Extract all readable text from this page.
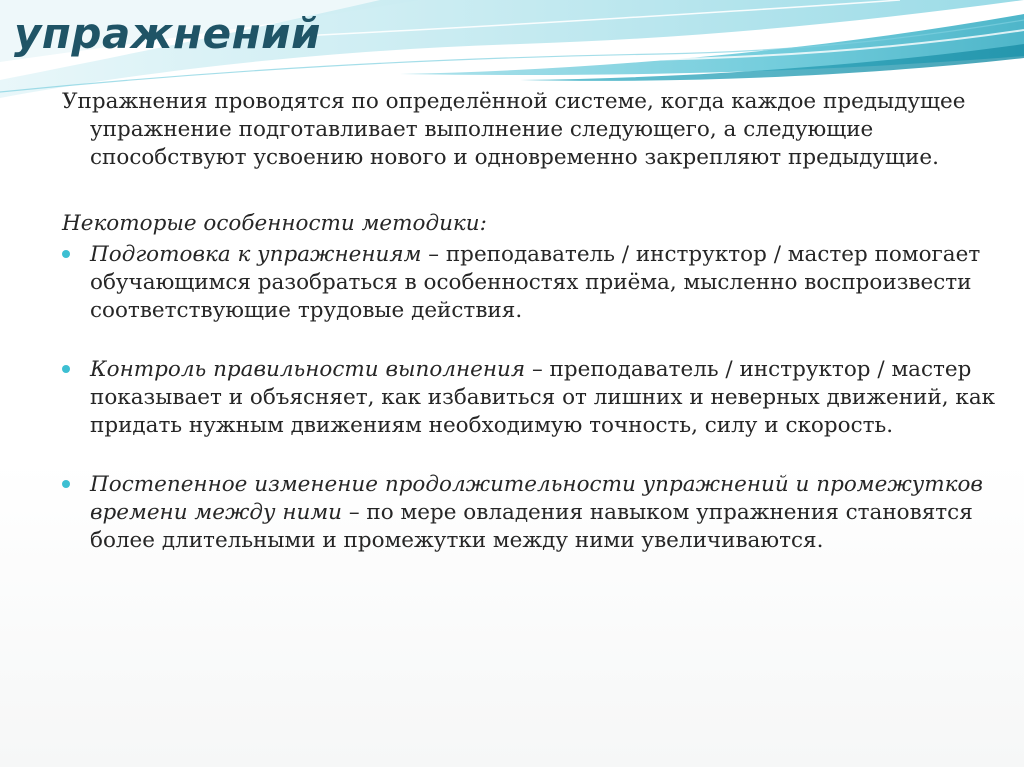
упражнений

Упражнения проводятся по определённой системе, когда каждое предыдущее упражнение подготавливает выполнение следующего, а следующие способствуют усвоению нового и одновременно закрепляют предыдущие.

Некоторые особенности методики:

Подготовка к упражнениям – преподаватель / инструктор / мастер помогает обучающимся разобраться в особенностях приёма, мысленно воспроизвести соответствующие трудовые действия.
Контроль правильности выполнения – преподаватель / инструктор / мастер показывает и объясняет, как избавиться от лишних и неверных движений, как придать нужным движениям необходимую точность, силу и скорость.
Постепенное изменение продолжительности упражнений и промежутков времени между ними – по мере овладения навыком упражнения становятся более длительными и промежутки между ними увеличиваются.
